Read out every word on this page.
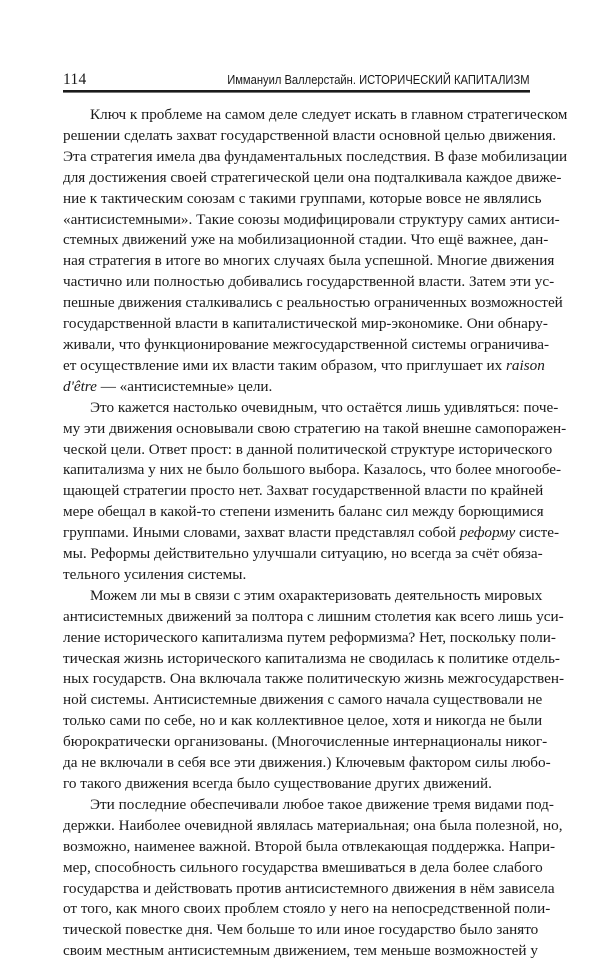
114	Иммануил Валлерстайн. ИСТОРИЧЕСКИЙ КАПИТАЛИЗМ
Ключ к проблеме на самом деле следует искать в главном стратегическом
решении сделать захват государственной власти основной целью движения.
Эта стратегия имела два фундаментальных последствия. В фазе мобилизации
для достижения своей стратегической цели она подталкивала каждое движе-
ние к тактическим союзам с такими группами, которые вовсе не являлись
«антисистемными». Такие союзы модифицировали структуру самих антиси-
стемных движений уже на мобилизационной стадии. Что ещё важнее, дан-
ная стратегия в итоге во многих случаях была успешной. Многие движения
частично или полностью добивались государственной власти. Затем эти ус-
пешные движения сталкивались с реальностью ограниченных возможностей
государственной власти в капиталистической мир-экономике. Они обнару-
живали, что функционирование межгосударственной системы ограничива-
ет осуществление ими их власти таким образом, что приглушает их raison
d'être — «антисистемные» цели.
Это кажется настолько очевидным, что остаётся лишь удивляться: поче-
му эти движения основывали свою стратегию на такой внешне самопоражен-
ческой цели. Ответ прост: в данной политической структуре исторического
капитализма у них не было большого выбора. Казалось, что более многообе-
щающей стратегии просто нет. Захват государственной власти по крайней
мере обещал в какой-то степени изменить баланс сил между борющимися
группами. Иными словами, захват власти представлял собой реформу систе-
мы. Реформы действительно улучшали ситуацию, но всегда за счёт обяза-
тельного усиления системы.
Можем ли мы в связи с этим охарактеризовать деятельность мировых
антисистемных движений за полтора с лишним столетия как всего лишь уси-
ление исторического капитализма путем реформизма? Нет, поскольку поли-
тическая жизнь исторического капитализма не сводилась к политике отдель-
ных государств. Она включала также политическую жизнь межгосударствен-
ной системы. Антисистемные движения с самого начала существовали не
только сами по себе, но и как коллективное целое, хотя и никогда не были
бюрократически организованы. (Многочисленные интернационалы никог-
да не включали в себя все эти движения.) Ключевым фактором силы любо-
го такого движения всегда было существование других движений.
Эти последние обеспечивали любое такое движение тремя видами под-
держки. Наиболее очевидной являлась материальная; она была полезной, но,
возможно, наименее важной. Второй была отвлекающая поддержка. Напри-
мер, способность сильного государства вмешиваться в дела более слабого
государства и действовать против антисистемного движения в нём зависела
от того, как много своих проблем стояло у него на непосредственной поли-
тической повестке дня. Чем больше то или иное государство было занято
своим местным антисистемным движением, тем меньше возможностей у
